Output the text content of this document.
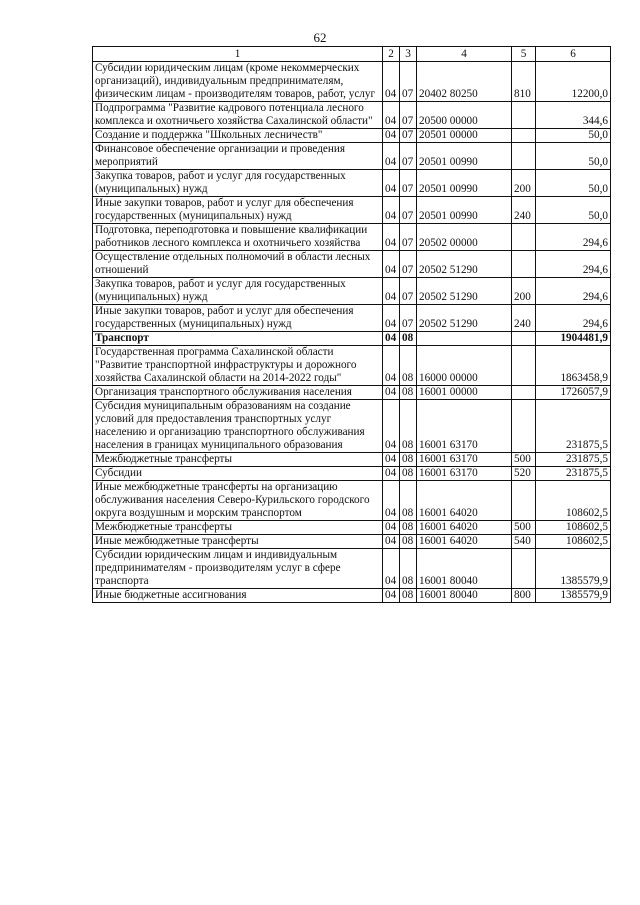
62
1	2	3	4	5	6
Субсидии юридическим лицам (кроме некоммерческих организаций), индивидуальным предпринимателям, физическим лицам - производителям товаров, работ, услуг	04	07	20402 80250	810	12200,0
Подпрограмма "Развитие кадрового потенциала лесного комплекса и охотничьего хозяйства Сахалинской области"	04	07	20500 00000		344,6
Создание и поддержка "Школьных лесничеств"	04	07	20501 00000		50,0
Финансовое обеспечение организации и проведения мероприятий	04	07	20501 00990		50,0
Закупка товаров, работ и услуг для государственных (муниципальных) нужд	04	07	20501 00990	200	50,0
Иные закупки товаров, работ и услуг для обеспечения государственных (муниципальных) нужд	04	07	20501 00990	240	50,0
Подготовка, переподготовка и повышение квалификации работников лесного комплекса и охотничьего хозяйства	04	07	20502 00000		294,6
Осуществление отдельных полномочий в области лесных отношений	04	07	20502 51290		294,6
Закупка товаров, работ и услуг для государственных (муниципальных) нужд	04	07	20502 51290	200	294,6
Иные закупки товаров, работ и услуг для обеспечения государственных (муниципальных) нужд	04	07	20502 51290	240	294,6
Транспорт	04	08			1904481,9
Государственная программа Сахалинской области "Развитие транспортной инфраструктуры и дорожного хозяйства Сахалинской области на 2014-2022 годы"	04	08	16000 00000		1863458,9
Организация транспортного обслуживания населения	04	08	16001 00000		1726057,9
Субсидия муниципальным образованиям на создание условий для предоставления транспортных услуг населению и организацию транспортного обслуживания населения в границах муниципального образования	04	08	16001 63170		231875,5
Межбюджетные трансферты	04	08	16001 63170	500	231875,5
Субсидии	04	08	16001 63170	520	231875,5
Иные межбюджетные трансферты на организацию обслуживания населения Северо-Курильского городского округа воздушным и морским транспортом	04	08	16001 64020		108602,5
Межбюджетные трансферты	04	08	16001 64020	500	108602,5
Иные межбюджетные трансферты	04	08	16001 64020	540	108602,5
Субсидии юридическим лицам и индивидуальным предпринимателям - производителям услуг в сфере транспорта	04	08	16001 80040		1385579,9
Иные бюджетные ассигнования	04	08	16001 80040	800	1385579,9
